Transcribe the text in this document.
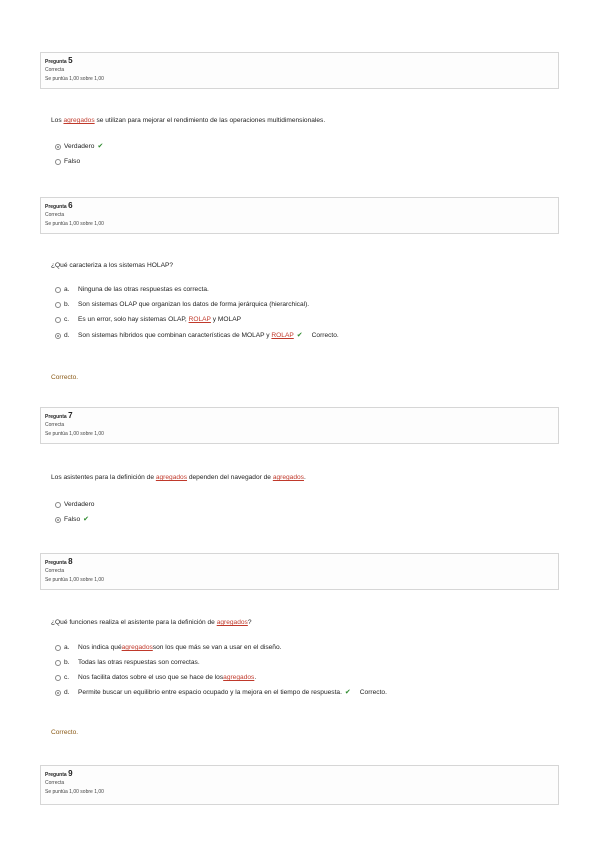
Pregunta 5
Correcta
Se puntúa 1,00 sobre 1,00
Los agregados se utilizan para mejorar el rendimiento de las operaciones multidimensionales.
Verdadero ✔
Falso
Pregunta 6
Correcta
Se puntúa 1,00 sobre 1,00
¿Qué caracteriza a los sistemas HOLAP?
a.	Ninguna de las otras respuestas es correcta.
b.	Son sistemas OLAP que organizan los datos de forma jerárquica (hierarchical).
c.	Es un error, solo hay sistemas OLAP,
ROLAP
y MOLAP
d.	Son sistemas híbridos que combinan características de MOLAP y
ROLAP ✔ Correcto.
Correcto.
Pregunta 7
Correcta
Se puntúa 1,00 sobre 1,00
Los asistentes para la definición de agregados dependen del navegador de agregados.
Verdadero
Falso ✔
Pregunta 8
Correcta
Se puntúa 1,00 sobre 1,00
¿Qué funciones realiza el asistente para la definición de agregados?
a.	Nos indica qué agregados son los que más se van a usar en el diseño.
b.	Todas las otras respuestas son correctas.
c.	Nos facilita datos sobre el uso que se hace de los agregados .
d.	Permite buscar un equilibrio entre espacio ocupado y la mejora en el tiempo de respuesta. ✔ Correcto.
Correcto.
Pregunta 9
Correcta
Se puntúa 1,00 sobre 1,00
